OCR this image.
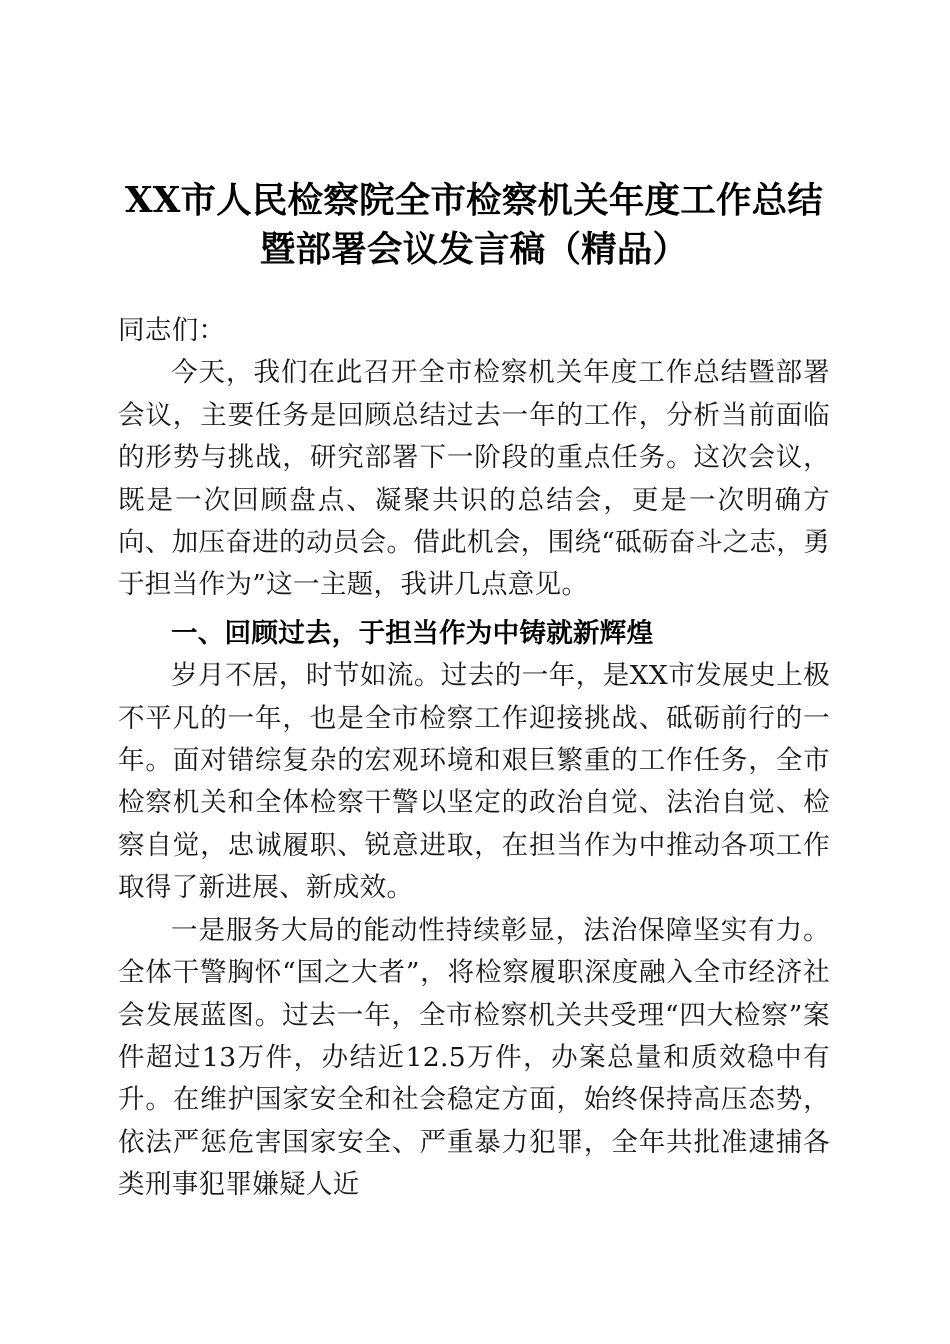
XX市人民检察院全市检察机关年度工作总结暨部署会议发言稿（精品）

同志们：

今天，我们在此召开全市检察机关年度工作总结暨部署会议，主要任务是回顾总结过去一年的工作，分析当前面临的形势与挑战，研究部署下一阶段的重点任务。这次会议，既是一次回顾盘点、凝聚共识的总结会，更是一次明确方向、加压奋进的动员会。借此机会，围绕“砥砺奋斗之志，勇于担当作为”这一主题，我讲几点意见。

一、回顾过去，于担当作为中铸就新辉煌

岁月不居，时节如流。过去的一年，是XX市发展史上极不平凡的一年，也是全市检察工作迎接挑战、砥砺前行的一年。面对错综复杂的宏观环境和艰巨繁重的工作任务，全市检察机关和全体检察干警以坚定的政治自觉、法治自觉、检察自觉，忠诚履职、锐意进取，在担当作为中推动各项工作取得了新进展、新成效。

一是服务大局的能动性持续彰显，法治保障坚实有力。全体干警胸怀“国之大者”，将检察履职深度融入全市经济社会发展蓝图。过去一年，全市检察机关共受理“四大检察”案件超过13万件，办结近12.5万件，办案总量和质效稳中有升。在维护国家安全和社会稳定方面，始终保持高压态势，依法严惩危害国家安全、严重暴力犯罪，全年共批准逮捕各类刑事犯罪嫌疑人近
